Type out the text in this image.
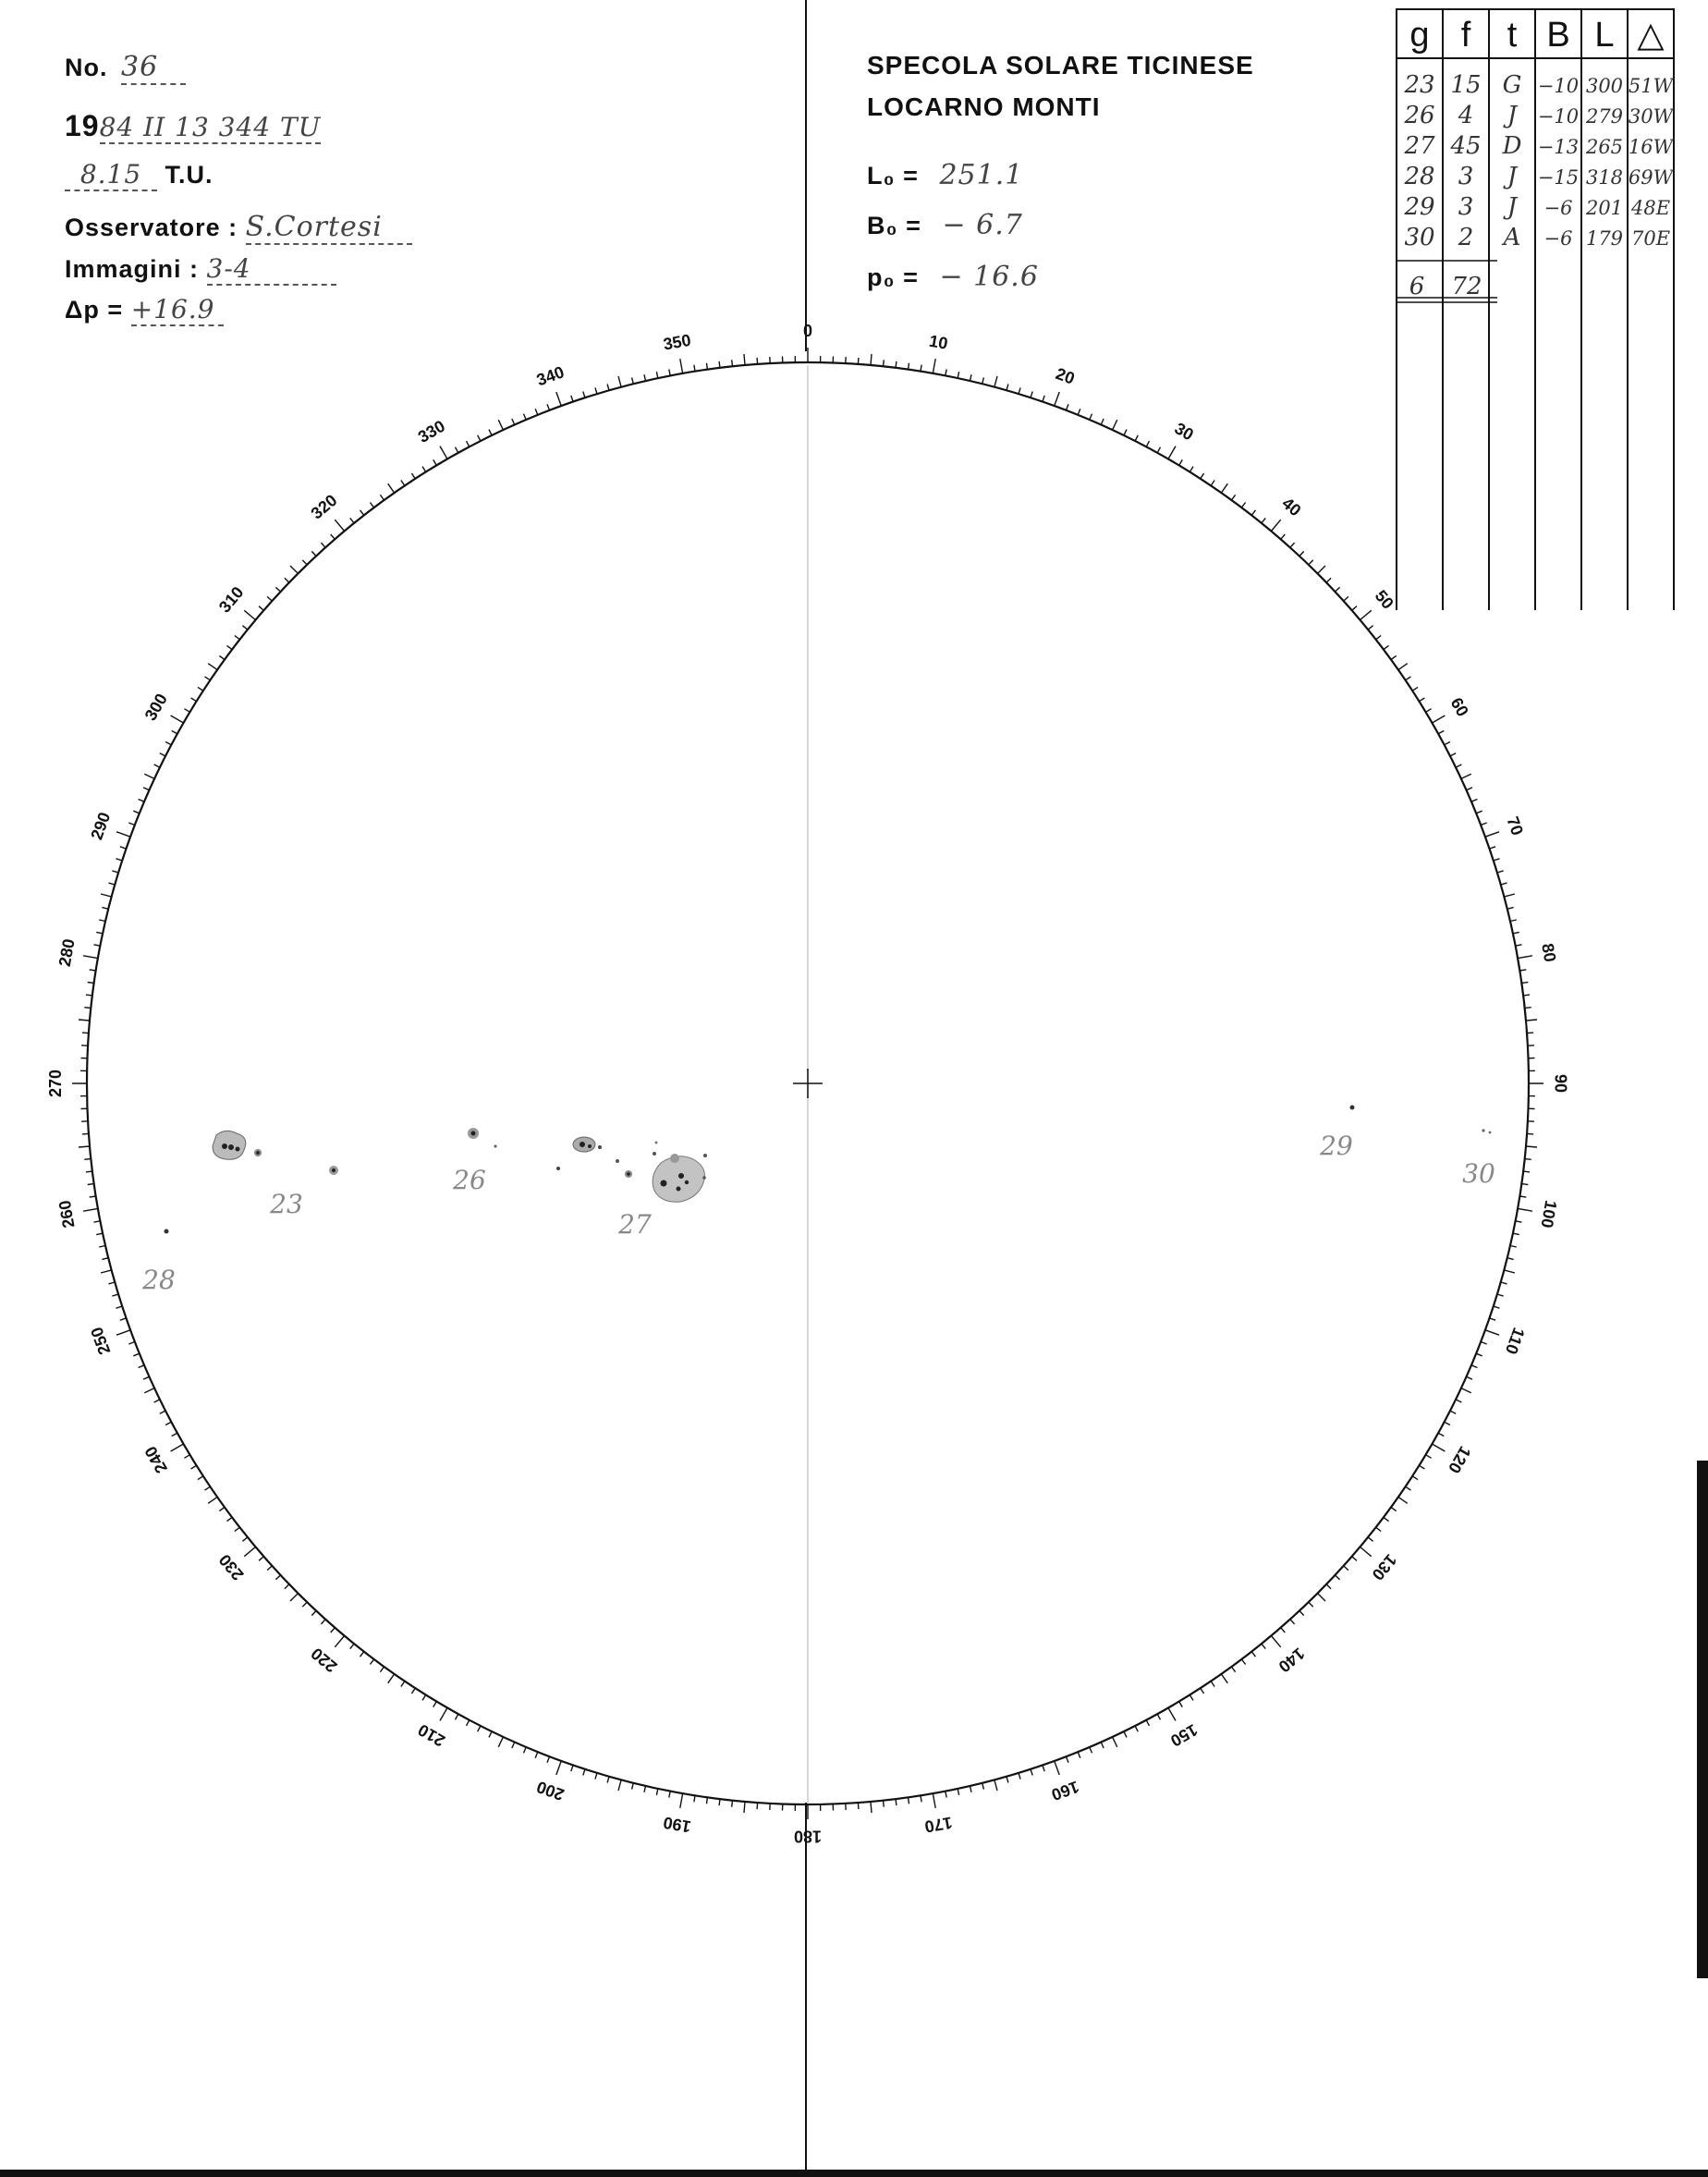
No. 36
1984 II 13 344 TU
8.15 T.U.
Osservatore : S.Cortesi
Immagini : 3-4
Δp = +16.9
SPECOLA SOLARE TICINESE
LOCARNO MONTI
L₀ = 251.1
B₀ = − 6.7
p₀ = − 16.6
0
10
20
30
40
50
60
70
80
90
100
110
120
130
140
150
160
170
180
190
200
210
220
230
240
250
260
270
280
290
300
310
320
330
340
350
23
26
27
28
29
30
g f t B L △
23 15 G −10 300 51W
26 4 J −10 279 30W
27 45 D −13 265 16W
28 3 J −15 318 69W
29 3 J −6 201 48E
30 2 A −6 179 70E
6 72
